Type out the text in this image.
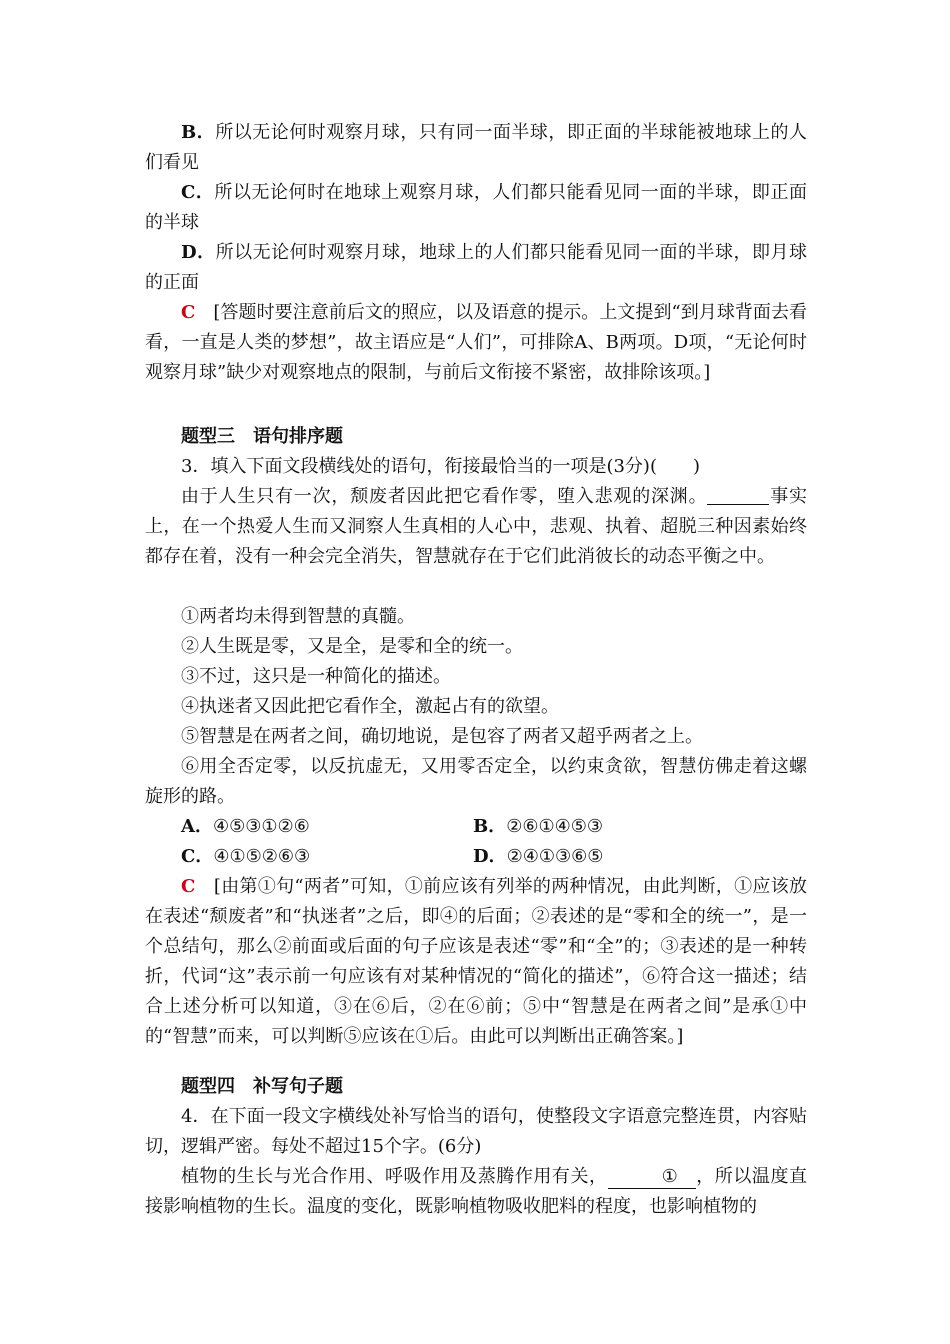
B．所以无论何时观察月球，只有同一面半球，即正面的半球能被地球上的人们看见

C．所以无论何时在地球上观察月球，人们都只能看见同一面的半球，即正面的半球

D．所以无论何时观察月球，地球上的人们都只能看见同一面的半球，即月球的正面

C　 [答题时要注意前后文的照应，以及语意的提示。上文提到“到月球背面去看看，一直是人类的梦想”，故主语应是“人们”，可排除A、B两项。D项，“无论何时观察月球”缺少对观察地点的限制，与前后文衔接不紧密，故排除该项。]

题型三　语句排序题

3．填入下面文段横线处的语句，衔接最恰当的一项是(3分)(　　)

由于人生只有一次，颓废者因此把它看作零，堕入悲观的深渊。	事实上，在一个热爱人生而又洞察人生真相的人心中，悲观、执着、超脱三种因素始终都存在着，没有一种会完全消失，智慧就存在于它们此消彼长的动态平衡之中。

①两者均未得到智慧的真髓。

②人生既是零，又是全，是零和全的统一。

③不过，这只是一种简化的描述。

④执迷者又因此把它看作全，激起占有的欲望。

⑤智慧是在两者之间，确切地说，是包容了两者又超乎两者之上。

⑥用全否定零，以反抗虚无，又用零否定全，以约束贪欲，智慧仿佛走着这螺旋形的路。

A．④⑤③①②⑥	B．②⑥①④⑤③
C．④①⑤②⑥③	D．②④①③⑥⑤

C　 [由第①句“两者”可知，①前应该有列举的两种情况，由此判断，①应该放在表述“颓废者”和“执迷者”之后，即④的后面；②表述的是“零和全的统一”，是一个总结句，那么②前面或后面的句子应该是表述“零”和“全”的；③表述的是一种转折，代词“这”表示前一句应该有对某种情况的“简化的描述”，⑥符合这一描述；结合上述分析可以知道，③在⑥后，②在⑥前；⑤中“智慧是在两者之间”是承①中的“智慧”而来，可以判断⑤应该在①后。由此可以判断出正确答案。]

题型四　补写句子题

4．在下面一段文字横线处补写恰当的语句，使整段文字语意完整连贯，内容贴切，逻辑严密。每处不超过15个字。(6分)

植物的生长与光合作用、呼吸作用及蒸腾作用有关，	① ，所以温度直接影响植物的生长。温度的变化，既影响植物吸收肥料的程度，也影响植物的
